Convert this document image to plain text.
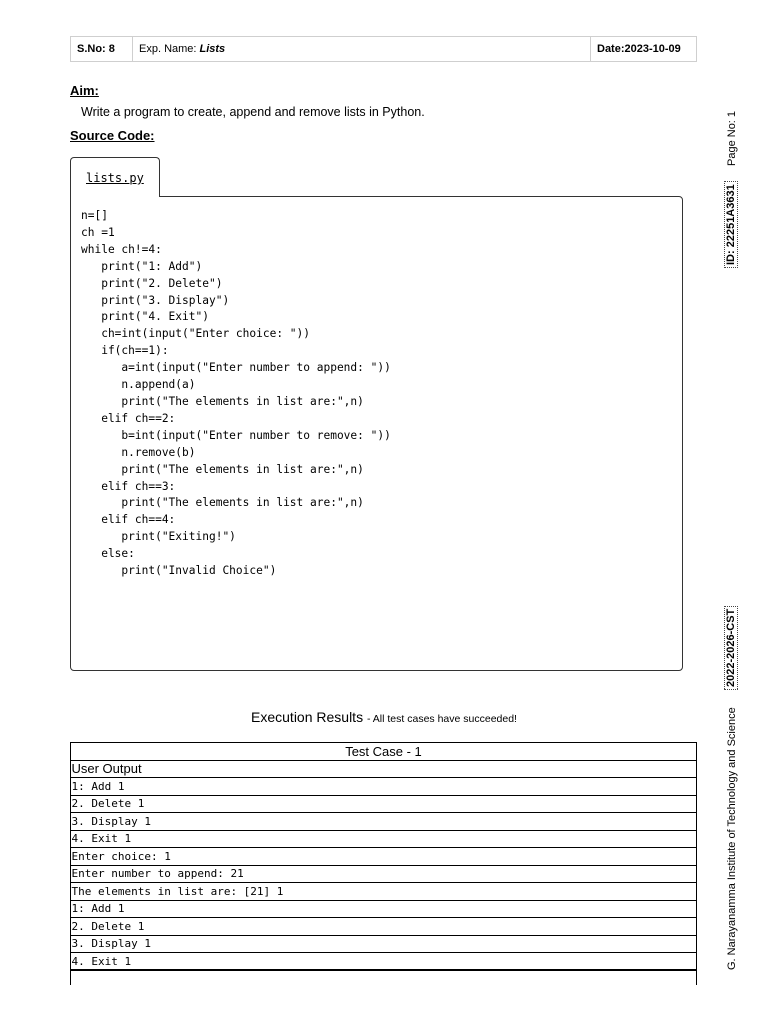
S.No: 8	Exp. Name: Lists	Date:2023-10-09
Aim:
Write a program to create, append and remove lists in Python.
Source Code:
lists.py
n=[]
ch =1
while ch!=4:
print("1: Add")
print("2. Delete")
print("3. Display")
print("4. Exit")
ch=int(input("Enter choice: "))
if(ch==1):
a=int(input("Enter number to append: "))
n.append(a)
print("The elements in list are:",n)
elif ch==2:
b=int(input("Enter number to remove: "))
n.remove(b)
print("The elements in list are:",n)
elif ch==3:
print("The elements in list are:",n)
elif ch==4:
print("Exiting!")
else:
print("Invalid Choice")
Page No: 1
ID: 22251A3631
2022-2026-CST
G. Narayanamma Institute of Technology and Science
Execution Results - All test cases have succeeded!
Test Case - 1
User Output
1: Add 1
2. Delete 1
3. Display 1
4. Exit 1
Enter choice: 1
Enter number to append: 21
The elements in list are: [21] 1
1: Add 1
2. Delete 1
3. Display 1
4. Exit 1
